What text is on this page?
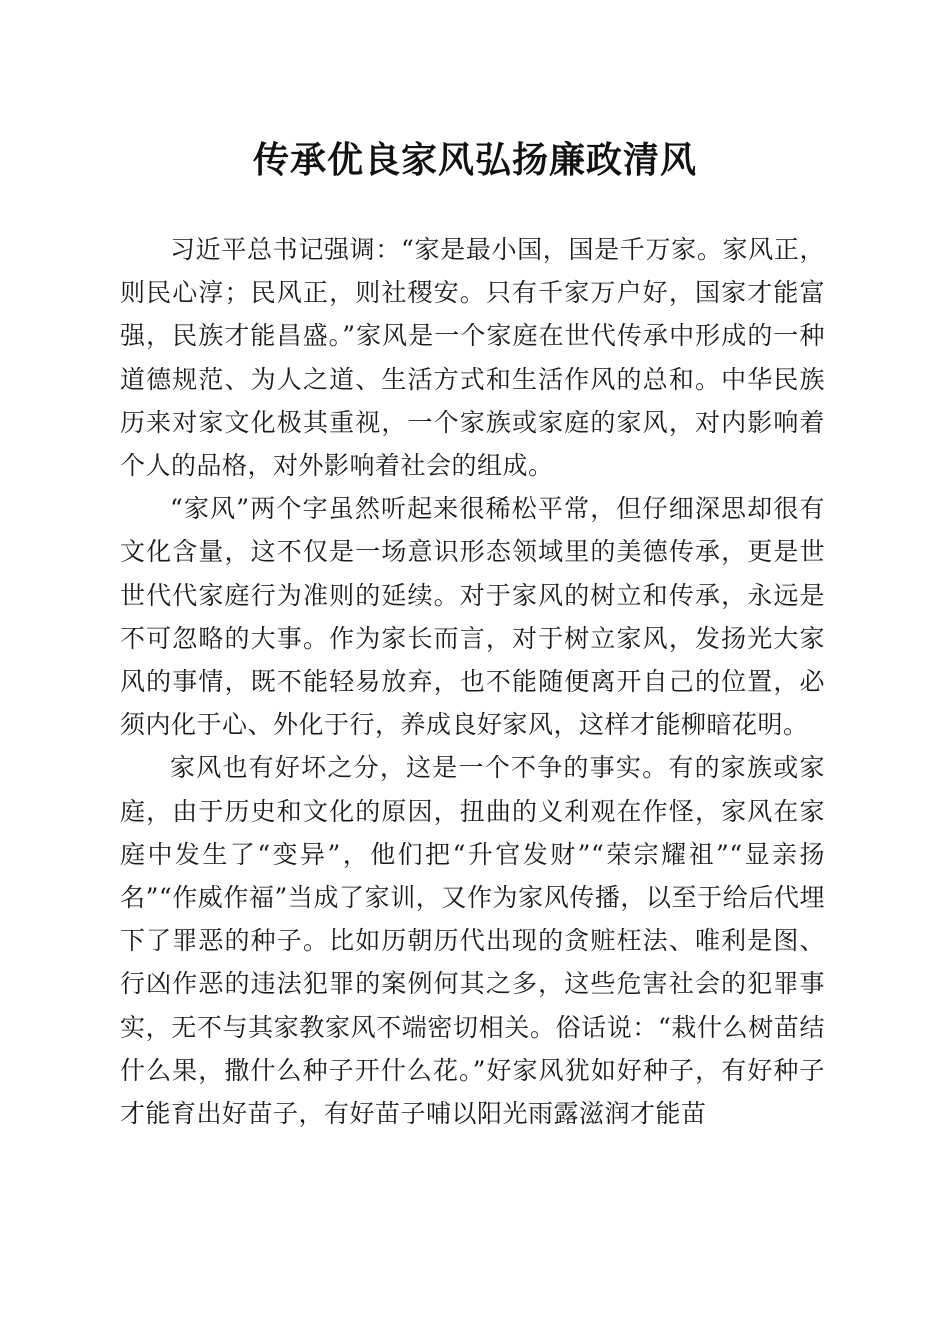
传承优良家风弘扬廉政清风

习近平总书记强调：“家是最小国，国是千万家。家风正，则民心淳；民风正，则社稷安。只有千家万户好，国家才能富强，民族才能昌盛。”家风是一个家庭在世代传承中形成的一种道德规范、为人之道、生活方式和生活作风的总和。中华民族历来对家文化极其重视，一个家族或家庭的家风，对内影响着个人的品格，对外影响着社会的组成。

“家风”两个字虽然听起来很稀松平常，但仔细深思却很有文化含量，这不仅是一场意识形态领域里的美德传承，更是世世代代家庭行为准则的延续。对于家风的树立和传承，永远是不可忽略的大事。作为家长而言，对于树立家风，发扬光大家风的事情，既不能轻易放弃，也不能随便离开自己的位置，必须内化于心、外化于行，养成良好家风，这样才能柳暗花明。

家风也有好坏之分，这是一个不争的事实。有的家族或家庭，由于历史和文化的原因，扭曲的义利观在作怪，家风在家庭中发生了“变异”，他们把“升官发财”“荣宗耀祖”“显亲扬名”“作威作福”当成了家训，又作为家风传播，以至于给后代埋下了罪恶的种子。比如历朝历代出现的贪赃枉法、唯利是图、行凶作恶的违法犯罪的案例何其之多，这些危害社会的犯罪事实，无不与其家教家风不端密切相关。俗话说：“栽什么树苗结什么果，撒什么种子开什么花。”好家风犹如好种子，有好种子才能育出好苗子，有好苗子哺以阳光雨露滋润才能苗
